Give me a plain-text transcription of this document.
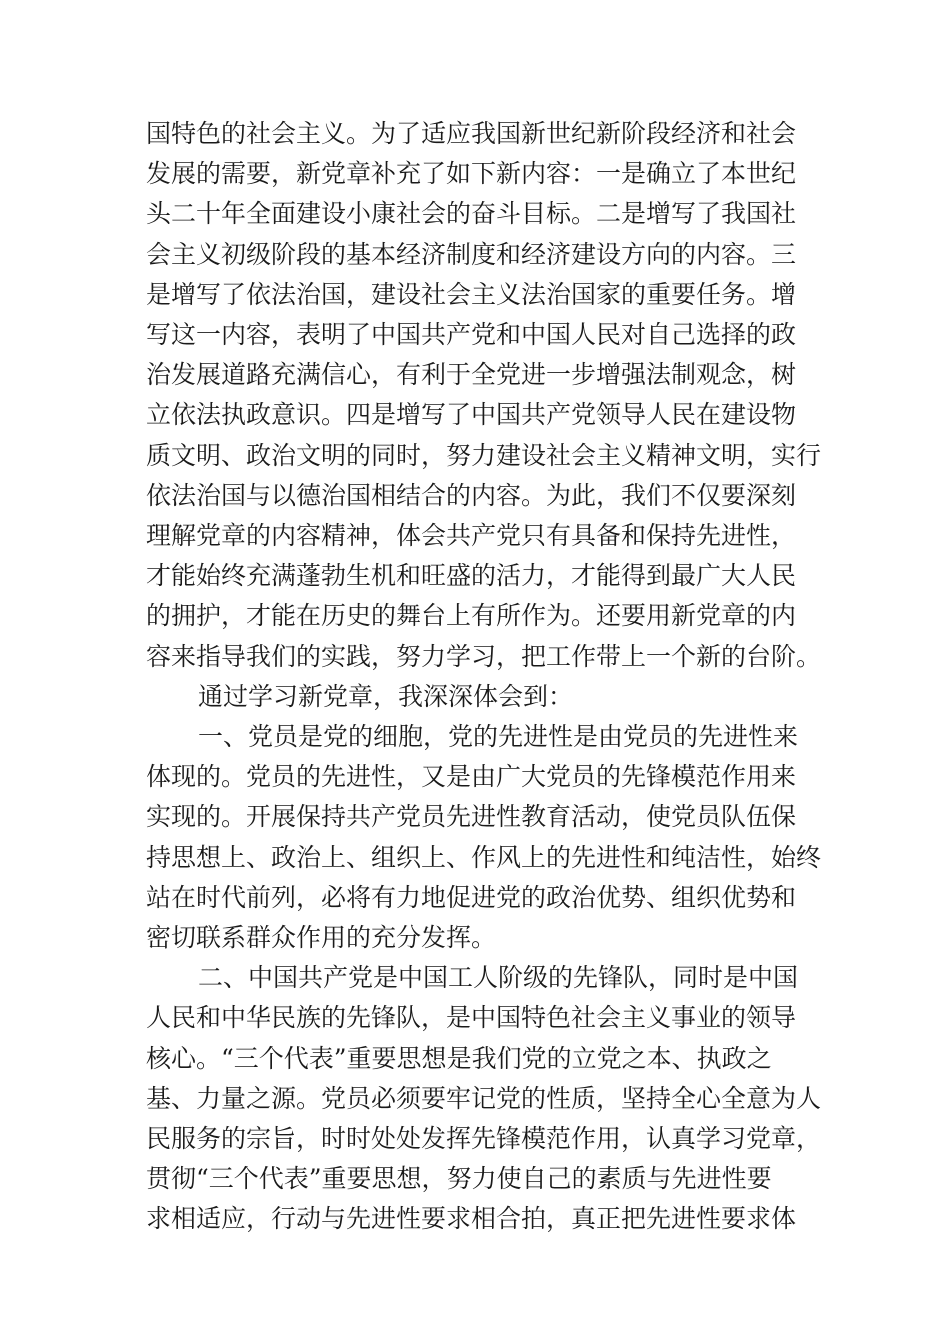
国特色的社会主义。为了适应我国新世纪新阶段经济和社会
发展的需要，新党章补充了如下新内容：一是确立了本世纪
头二十年全面建设小康社会的奋斗目标。二是增写了我国社
会主义初级阶段的基本经济制度和经济建设方向的内容。三
是增写了依法治国，建设社会主义法治国家的重要任务。增
写这一内容，表明了中国共产党和中国人民对自己选择的政
治发展道路充满信心，有利于全党进一步增强法制观念，树
立依法执政意识。四是增写了中国共产党领导人民在建设物
质文明、政治文明的同时，努力建设社会主义精神文明，实行
依法治国与以德治国相结合的内容。为此，我们不仅要深刻
理解党章的内容精神，体会共产党只有具备和保持先进性，
才能始终充满蓬勃生机和旺盛的活力，才能得到最广大人民
的拥护，才能在历史的舞台上有所作为。还要用新党章的内
容来指导我们的实践，努力学习，把工作带上一个新的台阶。

通过学习新党章，我深深体会到：

一、党员是党的细胞，党的先进性是由党员的先进性来
体现的。党员的先进性，又是由广大党员的先锋模范作用来
实现的。开展保持共产党员先进性教育活动，使党员队伍保
持思想上、政治上、组织上、作风上的先进性和纯洁性，始终
站在时代前列，必将有力地促进党的政治优势、组织优势和
密切联系群众作用的充分发挥。

二、中国共产党是中国工人阶级的先锋队，同时是中国
人民和中华民族的先锋队，是中国特色社会主义事业的领导
核心。“三个代表”重要思想是我们党的立党之本、执政之
基、力量之源。党员必须要牢记党的性质，坚持全心全意为人
民服务的宗旨，时时处处发挥先锋模范作用，认真学习党章，
贯彻“三个代表”重要思想，努力使自己的素质与先进性要
求相适应，行动与先进性要求相合拍，真正把先进性要求体
